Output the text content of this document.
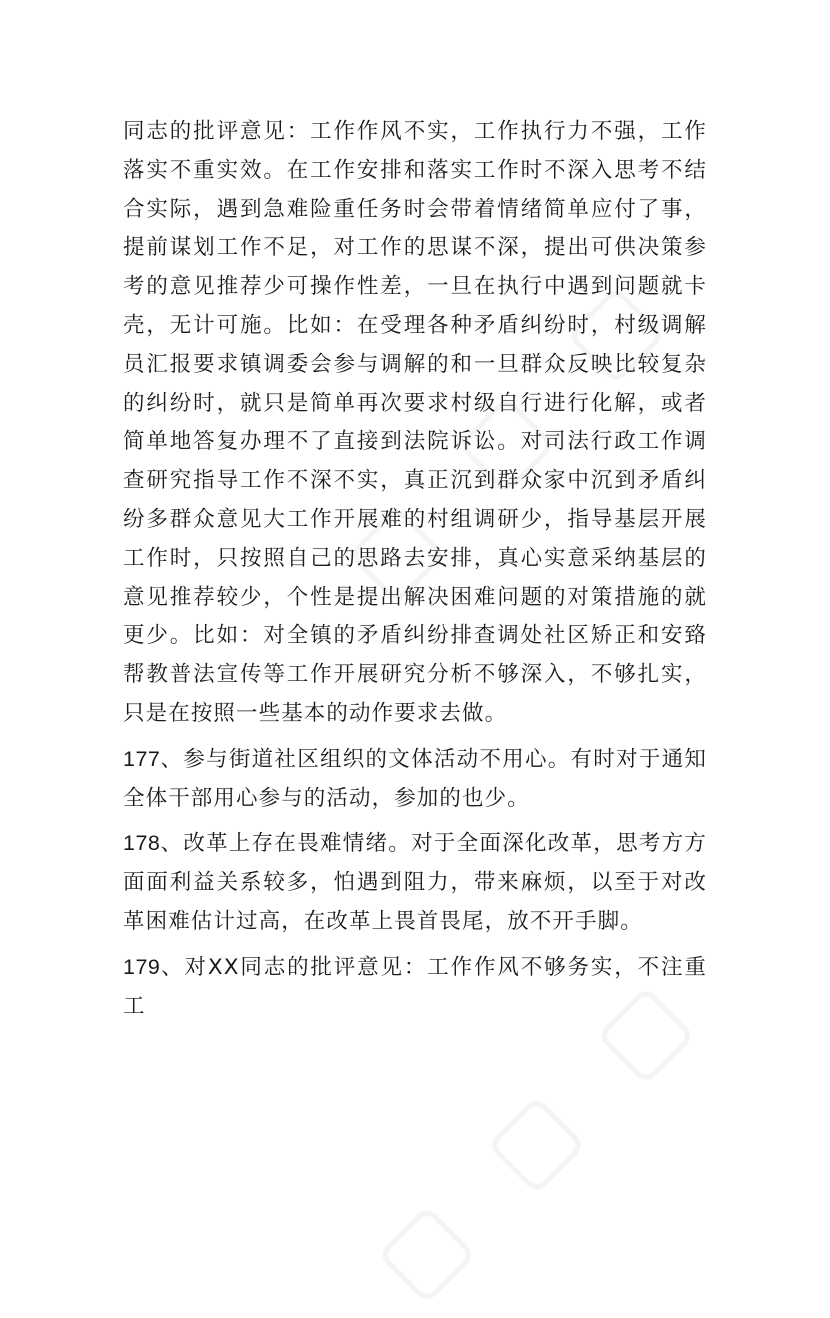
同志的批评意见：工作作风不实，工作执行力不强，工作落实不重实效。在工作安排和落实工作时不深入思考不结合实际，遇到急难险重任务时会带着情绪简单应付了事，提前谋划工作不足，对工作的思谋不深，提出可供决策参考的意见推荐少可操作性差，一旦在执行中遇到问题就卡壳，无计可施。比如：在受理各种矛盾纠纷时，村级调解员汇报要求镇调委会参与调解的和一旦群众反映比较复杂的纠纷时，就只是简单再次要求村级自行进行化解，或者简单地答复办理不了直接到法院诉讼。对司法行政工作调查研究指导工作不深不实，真正沉到群众家中沉到矛盾纠纷多群众意见大工作开展难的村组调研少，指导基层开展工作时，只按照自己的思路去安排，真心实意采纳基层的意见推荐较少，个性是提出解决困难问题的对策措施的就更少。比如：对全镇的矛盾纠纷排查调处社区矫正和安臵帮教普法宣传等工作开展研究分析不够深入，不够扎实，只是在按照一些基本的动作要求去做。

177、参与街道社区组织的文体活动不用心。有时对于通知全体干部用心参与的活动，参加的也少。

178、改革上存在畏难情绪。对于全面深化改革，思考方方面面利益关系较多，怕遇到阻力，带来麻烦，以至于对改革困难估计过高，在改革上畏首畏尾，放不开手脚。

179、对XX同志的批评意见：工作作风不够务实，不注重工
